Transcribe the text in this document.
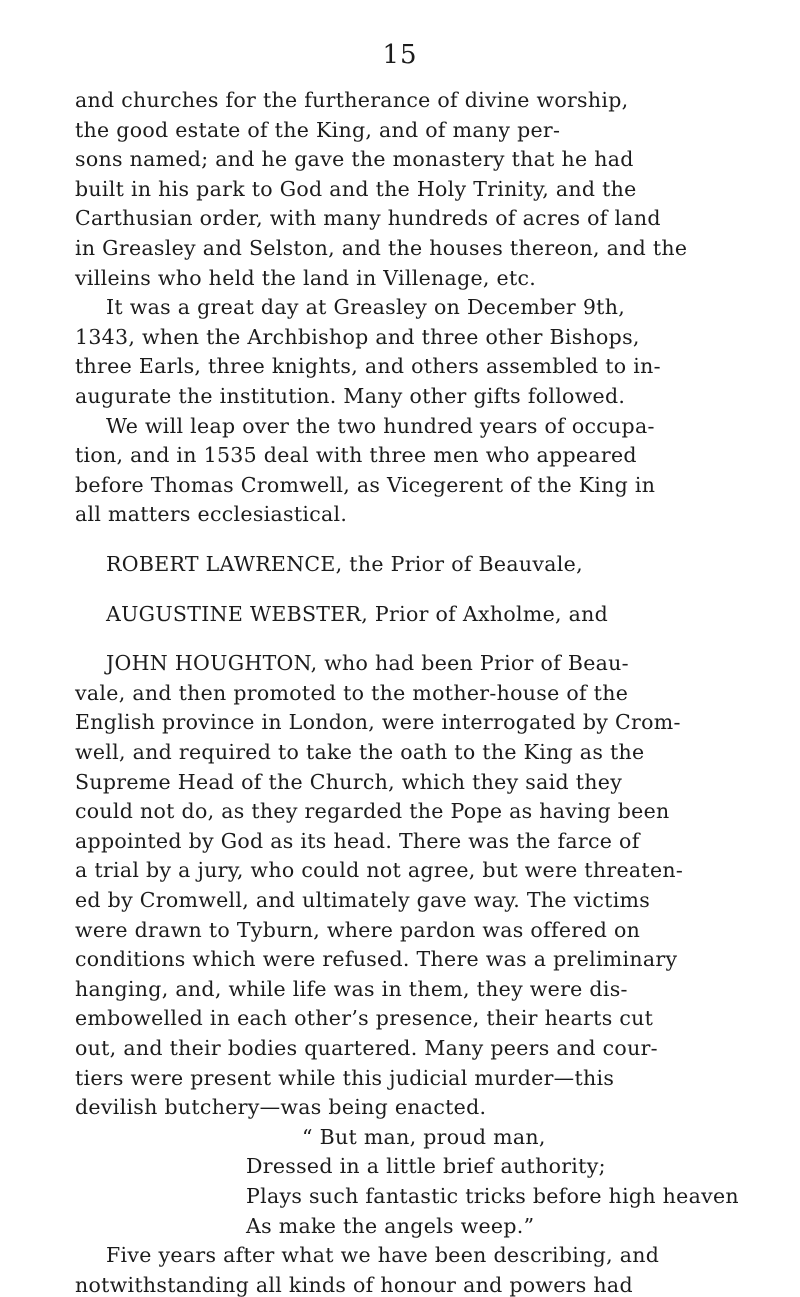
15
and churches for the furtherance of divine worship,
the good estate of the King, and of many per-
sons named; and he gave the monastery that he had
built in his park to God and the Holy Trinity, and the
Carthusian order, with many hundreds of acres of land
in Greasley and Selston, and the houses thereon, and the
villeins who held the land in Villenage, etc.
It was a great day at Greasley on December 9th,
1343, when the Archbishop and three other Bishops,
three Earls, three knights, and others assembled to in-
augurate the institution. Many other gifts followed.
We will leap over the two hundred years of occupa-
tion, and in 1535 deal with three men who appeared
before Thomas Cromwell, as Vicegerent of the King in
all matters ecclesiastical.
ROBERT LAWRENCE, the Prior of Beauvale,
AUGUSTINE WEBSTER, Prior of Axholme, and
JOHN HOUGHTON, who had been Prior of Beau-
vale, and then promoted to the mother-house of the
English province in London, were interrogated by Crom-
well, and required to take the oath to the King as the
Supreme Head of the Church, which they said they
could not do, as they regarded the Pope as having been
appointed by God as its head. There was the farce of
a trial by a jury, who could not agree, but were threaten-
ed by Cromwell, and ultimately gave way. The victims
were drawn to Tyburn, where pardon was offered on
conditions which were refused. There was a preliminary
hanging, and, while life was in them, they were dis-
embowelled in each other’s presence, their hearts cut
out, and their bodies quartered. Many peers and cour-
tiers were present while this judicial murder—this
devilish butchery—was being enacted.
“ But man, proud man,
Dressed in a little brief authority;
Plays such fantastic tricks before high heaven
As make the angels weep.”
Five years after what we have been describing, and
notwithstanding all kinds of honour and powers had
